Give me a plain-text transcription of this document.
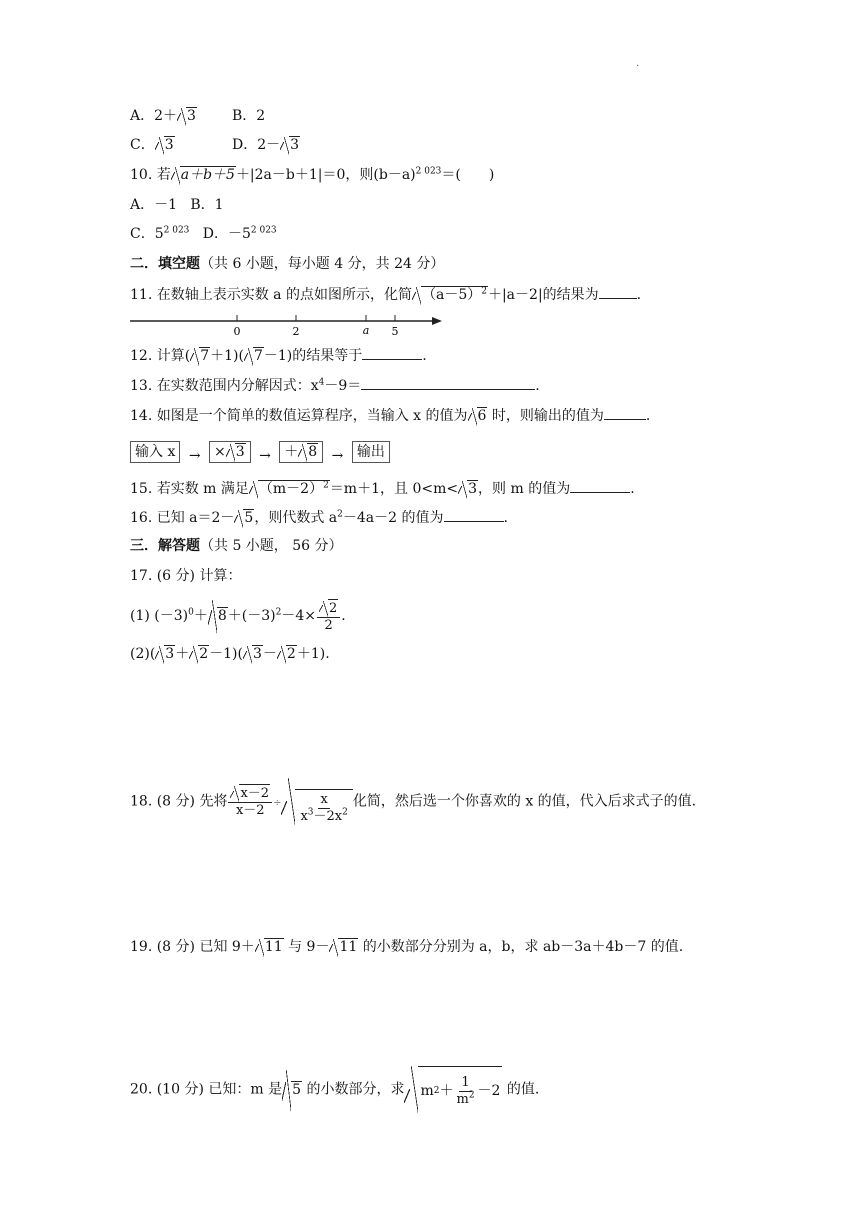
.
A．2＋ 3	B．2
C． 3	D．2－ 3
10. 若 a＋b＋5＋|2a－b＋1|＝0，则$(b-a)^{2 023}=$(　　)
A．－1 B．1
C．$5^{2 023}$ D．$-5^{2 023}$
二．填空题（共 6 小题，每小题 4 分，共 24 分）
11. 在数轴上表示实数 a 的点如图所示，化简 $(a-5)^2+|a-2|$的结果为	.
0	2	a 5
12. 计算( 7＋1)( 7－1)的结果等于	.
13. 在实数范围内分解因式：$x^4-9=$	.
14. 如图是一个简单的数值运算程序，当输入 x 的值为 6 时，则输出的值为	.
输入 x → × 3 → ＋ 8 → 输出
15. 若实数 m 满足 $(m-2)^2=m+1$，且 0<m< 3，则 m 的值为	.
16. 已知 a＝2－ 5，则代数式 $a^2-4a-2$ 的值为	.
三．解答题（共 5 小题， 56 分）
17. (6 分) 计算：
(1) $(-3)^0+ 8+(-3)^2-4\times \frac{2}{2}$ .
(2)( 3＋ 2－1)( 3－ 2＋1).
18. (8 分) 先将 $\frac{x-2}{x-2} \div \frac{x}{x^3-2x^2}$ 化简，然后选一个你喜欢的 x 的值，代入后求式子的值.
19. (8 分) 已知 9＋ 11 与 9－ 11 的小数部分分别为 a，b，求 ab－3a＋4b－7 的值.
20. (10 分) 已知：m 是 5 的小数部分，求 m $2 + \frac{1}{m^2} -2$ 的值.
